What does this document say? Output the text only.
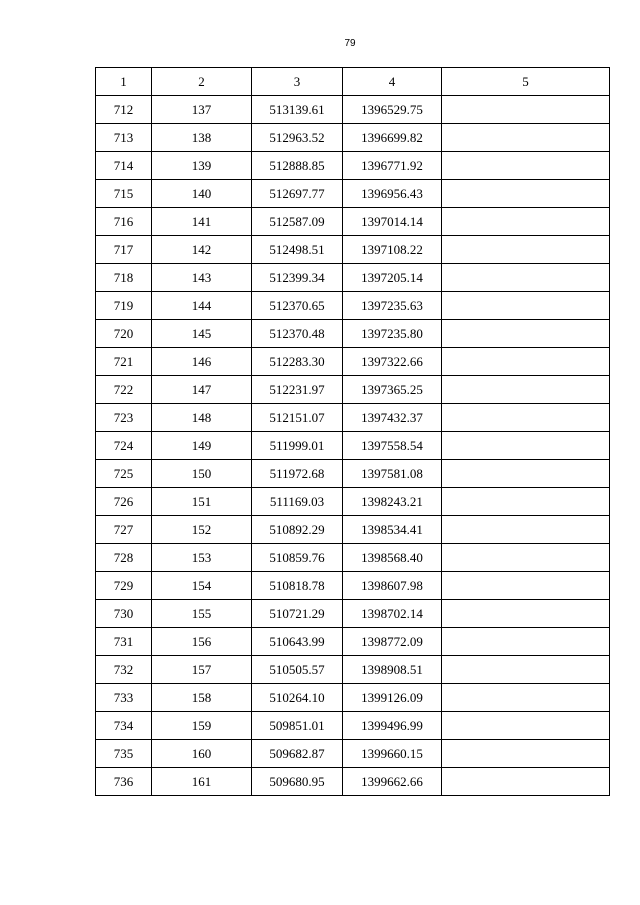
79
1	2	3	4	5
712	137	513139.61	1396529.75	
713	138	512963.52	1396699.82	
714	139	512888.85	1396771.92	
715	140	512697.77	1396956.43	
716	141	512587.09	1397014.14	
717	142	512498.51	1397108.22	
718	143	512399.34	1397205.14	
719	144	512370.65	1397235.63	
720	145	512370.48	1397235.80	
721	146	512283.30	1397322.66	
722	147	512231.97	1397365.25	
723	148	512151.07	1397432.37	
724	149	511999.01	1397558.54	
725	150	511972.68	1397581.08	
726	151	511169.03	1398243.21	
727	152	510892.29	1398534.41	
728	153	510859.76	1398568.40	
729	154	510818.78	1398607.98	
730	155	510721.29	1398702.14	
731	156	510643.99	1398772.09	
732	157	510505.57	1398908.51	
733	158	510264.10	1399126.09	
734	159	509851.01	1399496.99	
735	160	509682.87	1399660.15	
736	161	509680.95	1399662.66	
